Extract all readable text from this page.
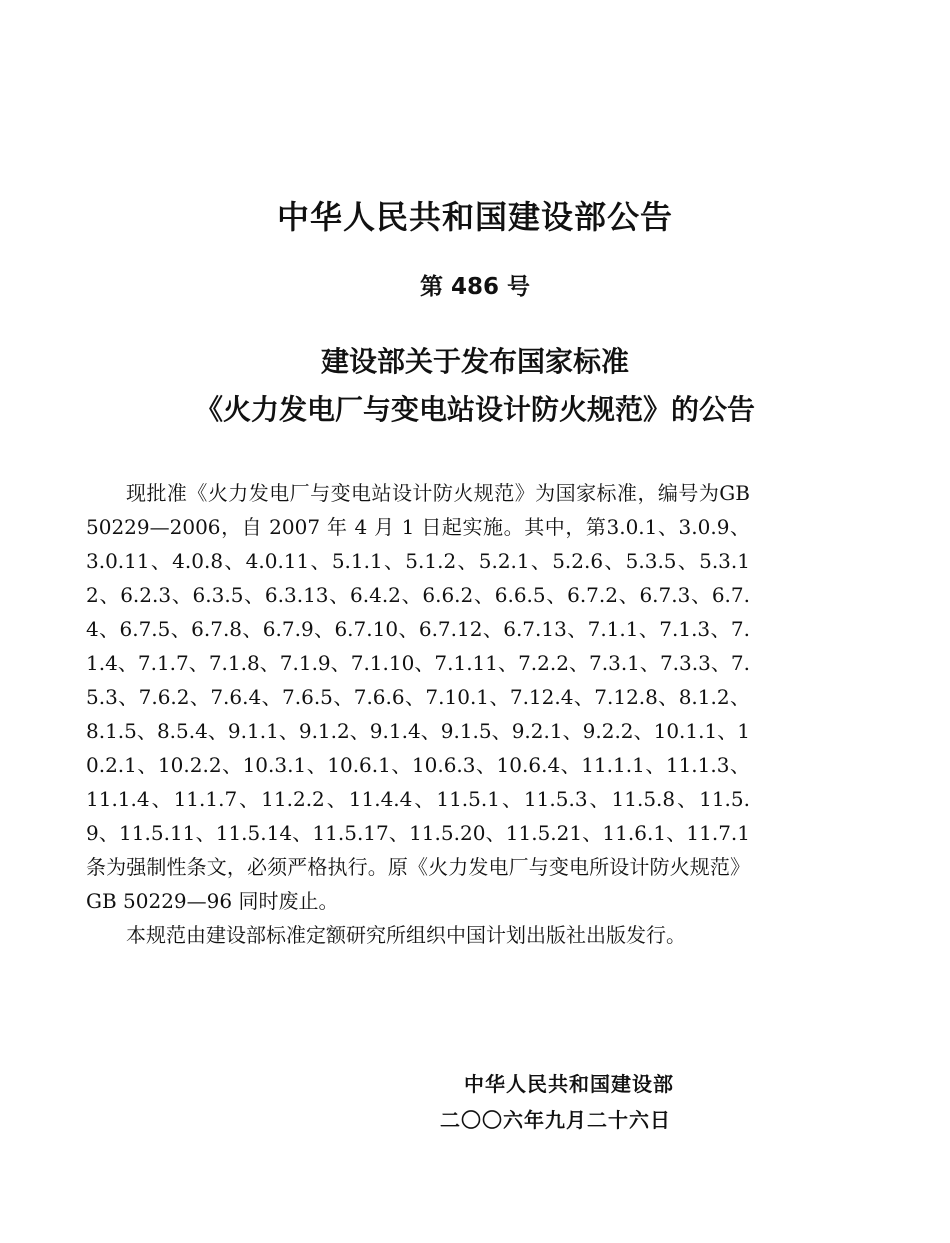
中华人民共和国建设部公告
第 486 号
建设部关于发布国家标准
《火力发电厂与变电站设计防火规范》的公告

现批准《火力发电厂与变电站设计防火规范》为国家标准，编号为GB 50229—2006，自 2007 年 4 月 1 日起实施。其中，第3.0.1、3.0.9、3.0.11、4.0.8、4.0.11、5.1.1、5.1.2、5.2.1、5.2.6、5.3.5、5.3.12、6.2.3、6.3.5、6.3.13、6.4.2、6.6.2、6.6.5、6.7.2、6.7.3、6.7.4、6.7.5、6.7.8、6.7.9、6.7.10、6.7.12、6.7.13、7.1.1、7.1.3、7.1.4、7.1.7、7.1.8、7.1.9、7.1.10、7.1.11、7.2.2、7.3.1、7.3.3、7.5.3、7.6.2、7.6.4、7.6.5、7.6.6、7.10.1、7.12.4、7.12.8、8.1.2、8.1.5、8.5.4、9.1.1、9.1.2、9.1.4、9.1.5、9.2.1、9.2.2、10.1.1、10.2.1、10.2.2、10.3.1、10.6.1、10.6.3、10.6.4、11.1.1、11.1.3、11.1.4、11.1.7、11.2.2、11.4.4、11.5.1、11.5.3、11.5.8、11.5.9、11.5.11、11.5.14、11.5.17、11.5.20、11.5.21、11.6.1、11.7.1条为强制性条文，必须严格执行。原《火力发电厂与变电所设计防火规范》GB 50229—96 同时废止。

本规范由建设部标准定额研究所组织中国计划出版社出版发行。

中华人民共和国建设部
二〇〇六年九月二十六日
